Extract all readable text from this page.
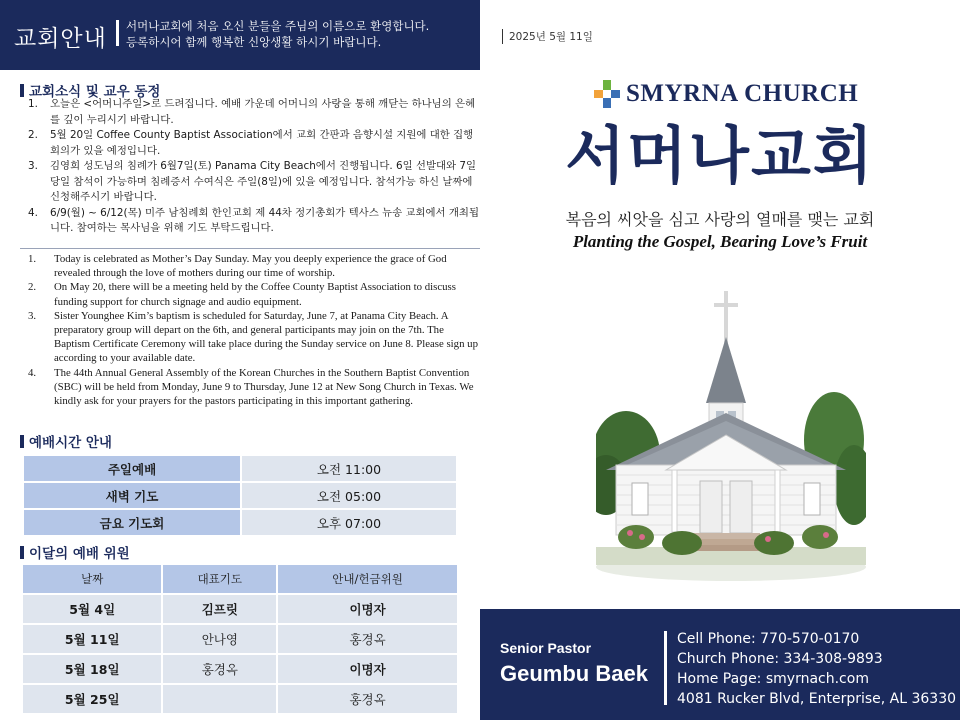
교회안내 서머나교회에 처음 오신 분들을 주님의 이름으로 환영합니다.
등록하시어 함께 행복한 신앙생활 하시기 바랍니다.
교회소식 및 교우 동정
1.	오늘은 <어머니주일>로 드려집니다. 예배 가운데 어머니의 사랑을 통해 깨닫는 하나님의 은혜를 깊이 누리시기 바랍니다.
2.	5월 20일 Coffee County Baptist Association에서 교회 간판과 음향시설 지원에 대한 집행 회의가 있을 예정입니다.
3.	김영희 성도님의 침례가 6월7일(토) Panama City Beach에서 진행됩니다. 6일 선발대와 7일 당일 참석이 가능하며 침례증서 수여식은 주일(8일)에 있을 예정입니다. 참석가능 하신 날짜에 신청해주시기 바랍니다.
4.	6/9(월) ~ 6/12(목) 미주 남침례회 한인교회 제 44차 정기총회가 텍사스 뉴송 교회에서 개최됩니다. 참여하는 목사님을 위해 기도 부탁드립니다.
1.	Today is celebrated as Mother’s Day Sunday. May you deeply experience the grace of God revealed through the love of mothers during our time of worship.
2.	On May 20, there will be a meeting held by the Coffee County Baptist Association to discuss funding support for church signage and audio equipment.
3.	Sister Younghee Kim’s baptism is scheduled for Saturday, June 7, at Panama City Beach. A preparatory group will depart on the 6th, and general participants may join on the 7th. The Baptism Certificate Ceremony will take place during the Sunday service on June 8. Please sign up according to your available date.
4.	The 44th Annual General Assembly of the Korean Churches in the Southern Baptist Convention (SBC) will be held from Monday, June 9 to Thursday, June 12 at New Song Church in Texas. We kindly ask for your prayers for the pastors participating in this important gathering.
예배시간 안내
주일예배	오전 11:00
새벽 기도	오전 05:00
금요 기도회	오후 07:00
이달의 예배 위원
날짜	대표기도	안내/헌금위원
5월 4일	김프릿	이명자
5월 11일	안나영	홍경옥
5월 18일	홍경옥	이명자
5월 25일		홍경옥
2025년 5월 11일
SMYRNA CHURCH
서머나교회
복음의 씨앗을 심고 사랑의 열매를 맺는 교회
Planting the Gospel, Bearing Love’s Fruit
Senior Pastor
Geumbu Baek
Cell Phone: 770-570-0170
Church Phone: 334-308-9893
Home Page: smyrnach.com
4081 Rucker Blvd, Enterprise, AL 36330
